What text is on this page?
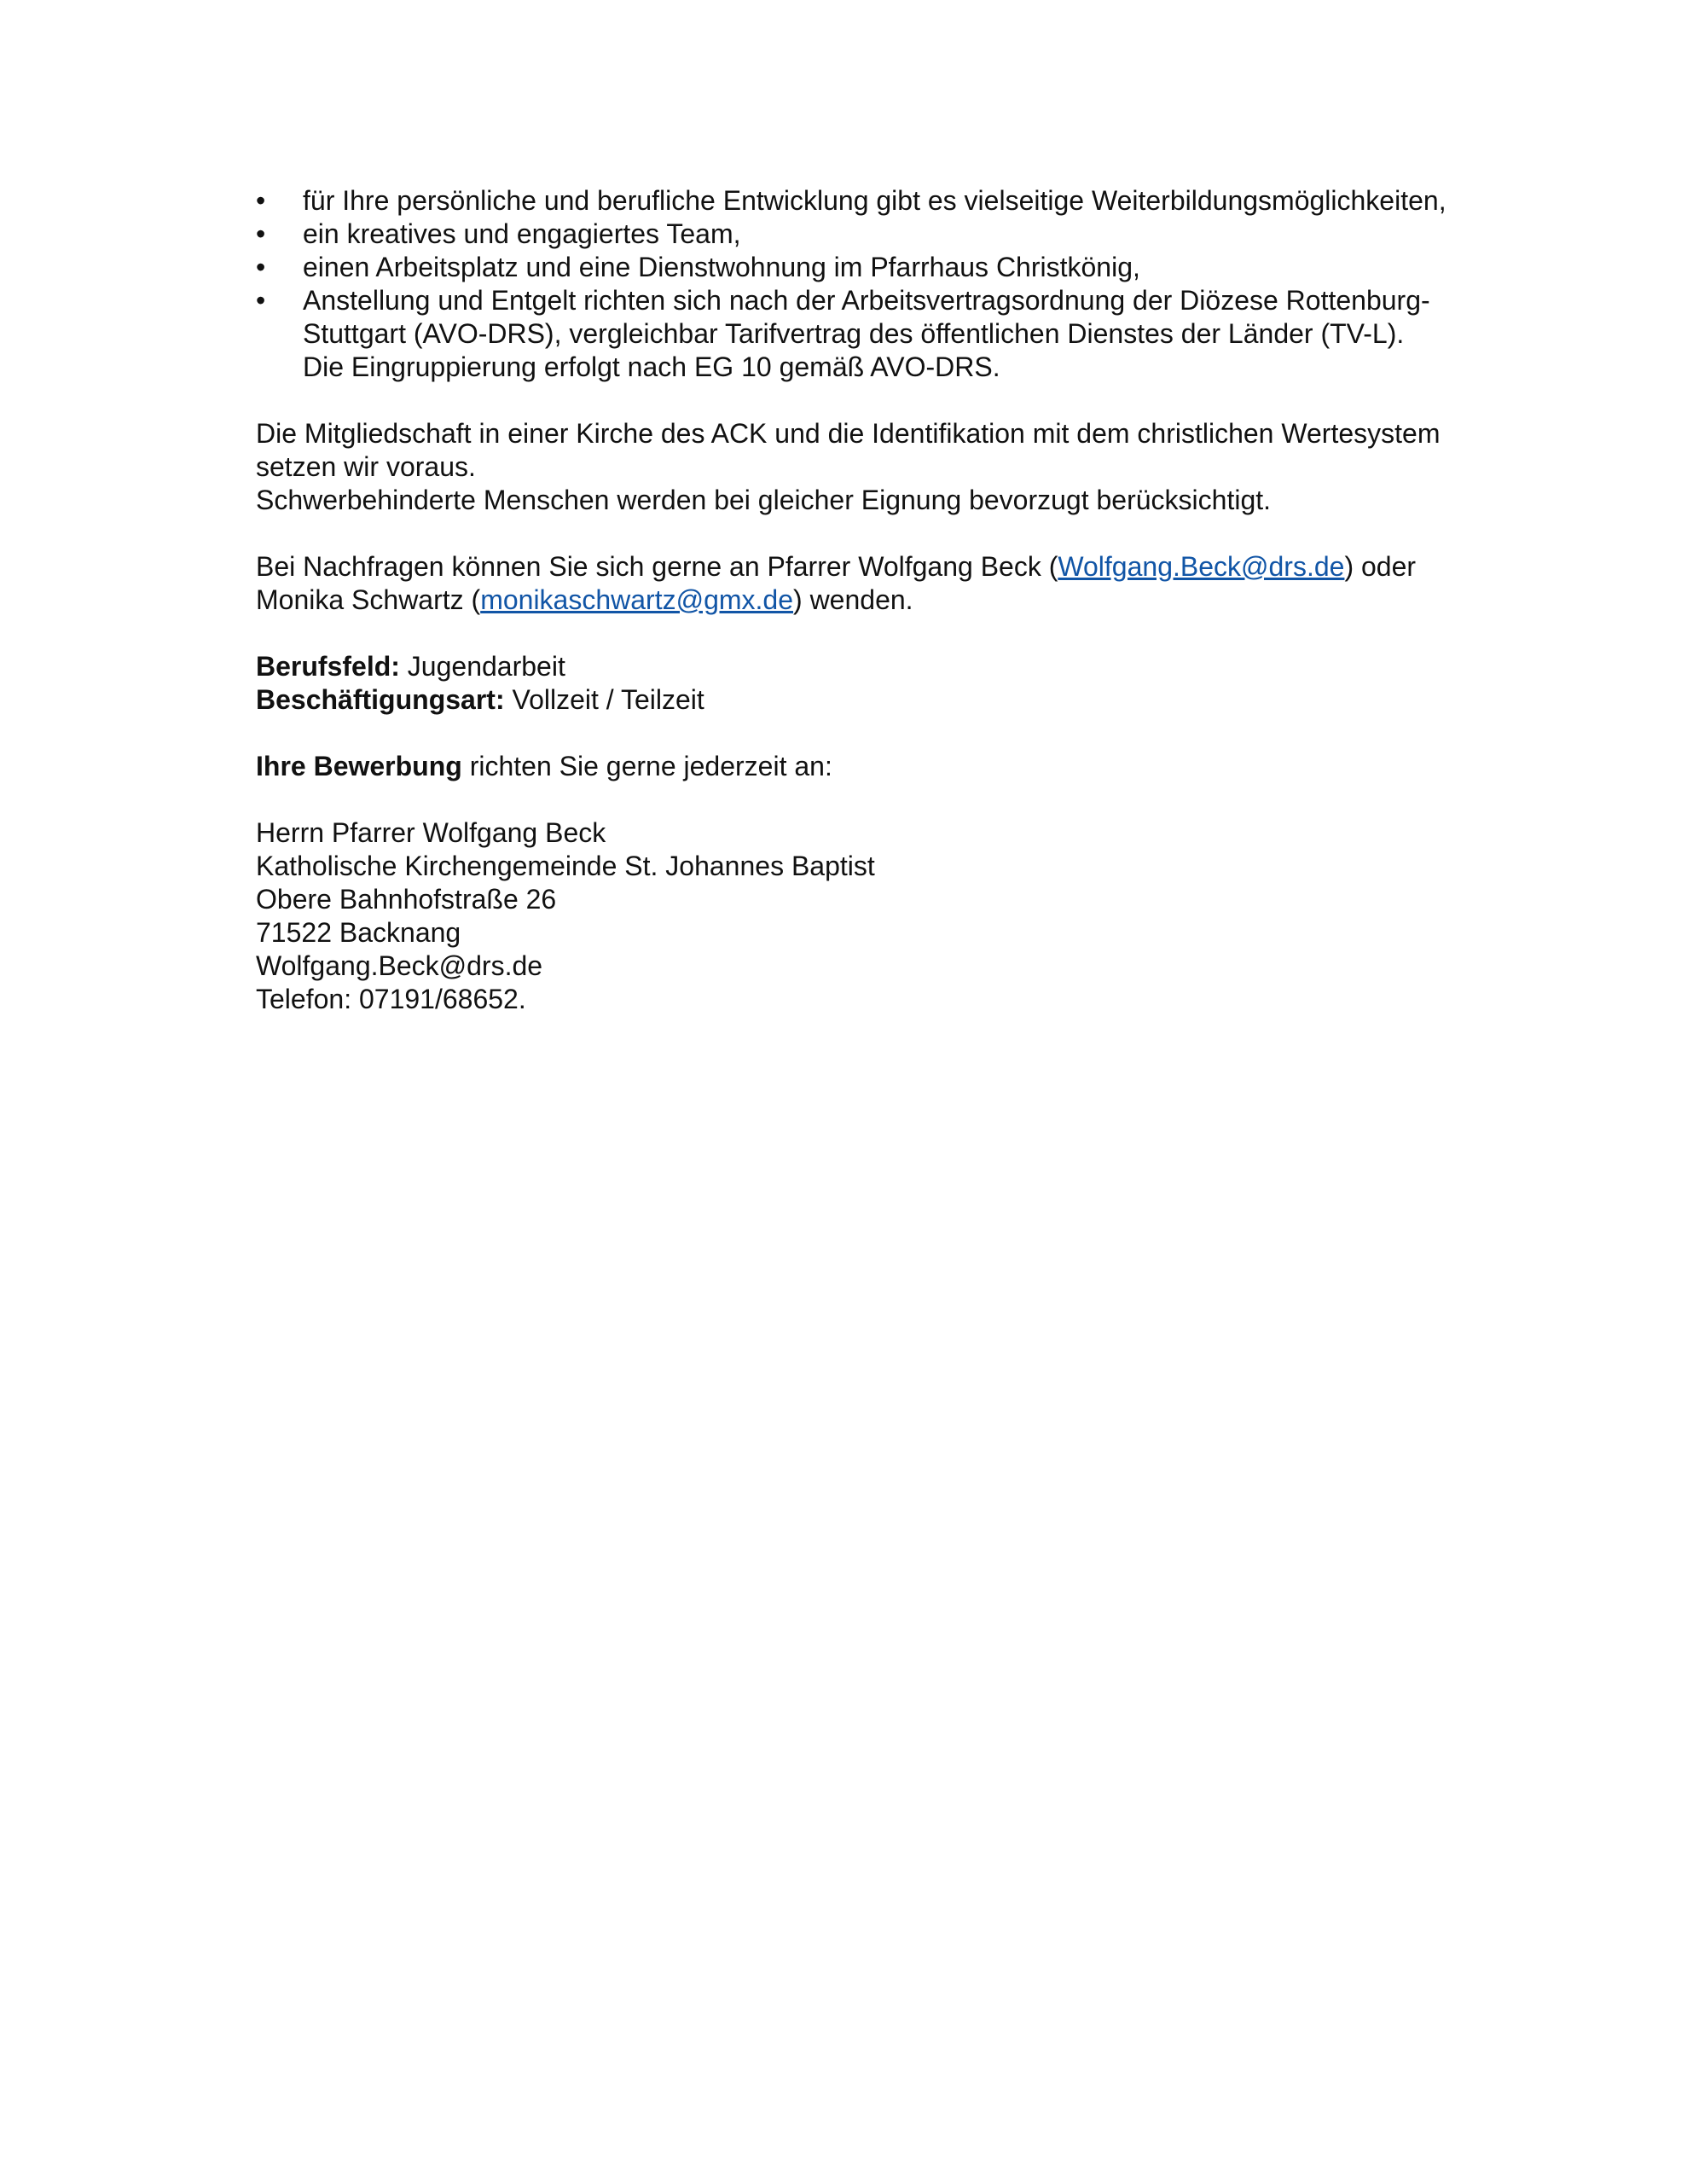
•	für Ihre persönliche und berufliche Entwicklung gibt es vielseitige Weiterbildungsmöglichkeiten,
•	ein kreatives und engagiertes Team,
•	einen Arbeitsplatz und eine Dienstwohnung im Pfarrhaus Christkönig,
•	Anstellung und Entgelt richten sich nach der Arbeitsvertragsordnung der Diözese Rottenburg-Stuttgart (AVO-DRS), vergleichbar Tarifvertrag des öffentlichen Dienstes der Länder (TV-L). Die Eingruppierung erfolgt nach EG 10 gemäß AVO-DRS.

Die Mitgliedschaft in einer Kirche des ACK und die Identifikation mit dem christlichen Wertesystem setzen wir voraus.

Schwerbehinderte Menschen werden bei gleicher Eignung bevorzugt berücksichtigt.

Bei Nachfragen können Sie sich gerne an Pfarrer Wolfgang Beck (Wolfgang.Beck@drs.de) oder Monika Schwartz (monikaschwartz@gmx.de) wenden.

Berufsfeld: Jugendarbeit
Beschäftigungsart: Vollzeit / Teilzeit

Ihre Bewerbung richten Sie gerne jederzeit an:

Herrn Pfarrer Wolfgang Beck
Katholische Kirchengemeinde St. Johannes Baptist
Obere Bahnhofstraße 26
71522 Backnang
Wolfgang.Beck@drs.de
Telefon: 07191/68652.
